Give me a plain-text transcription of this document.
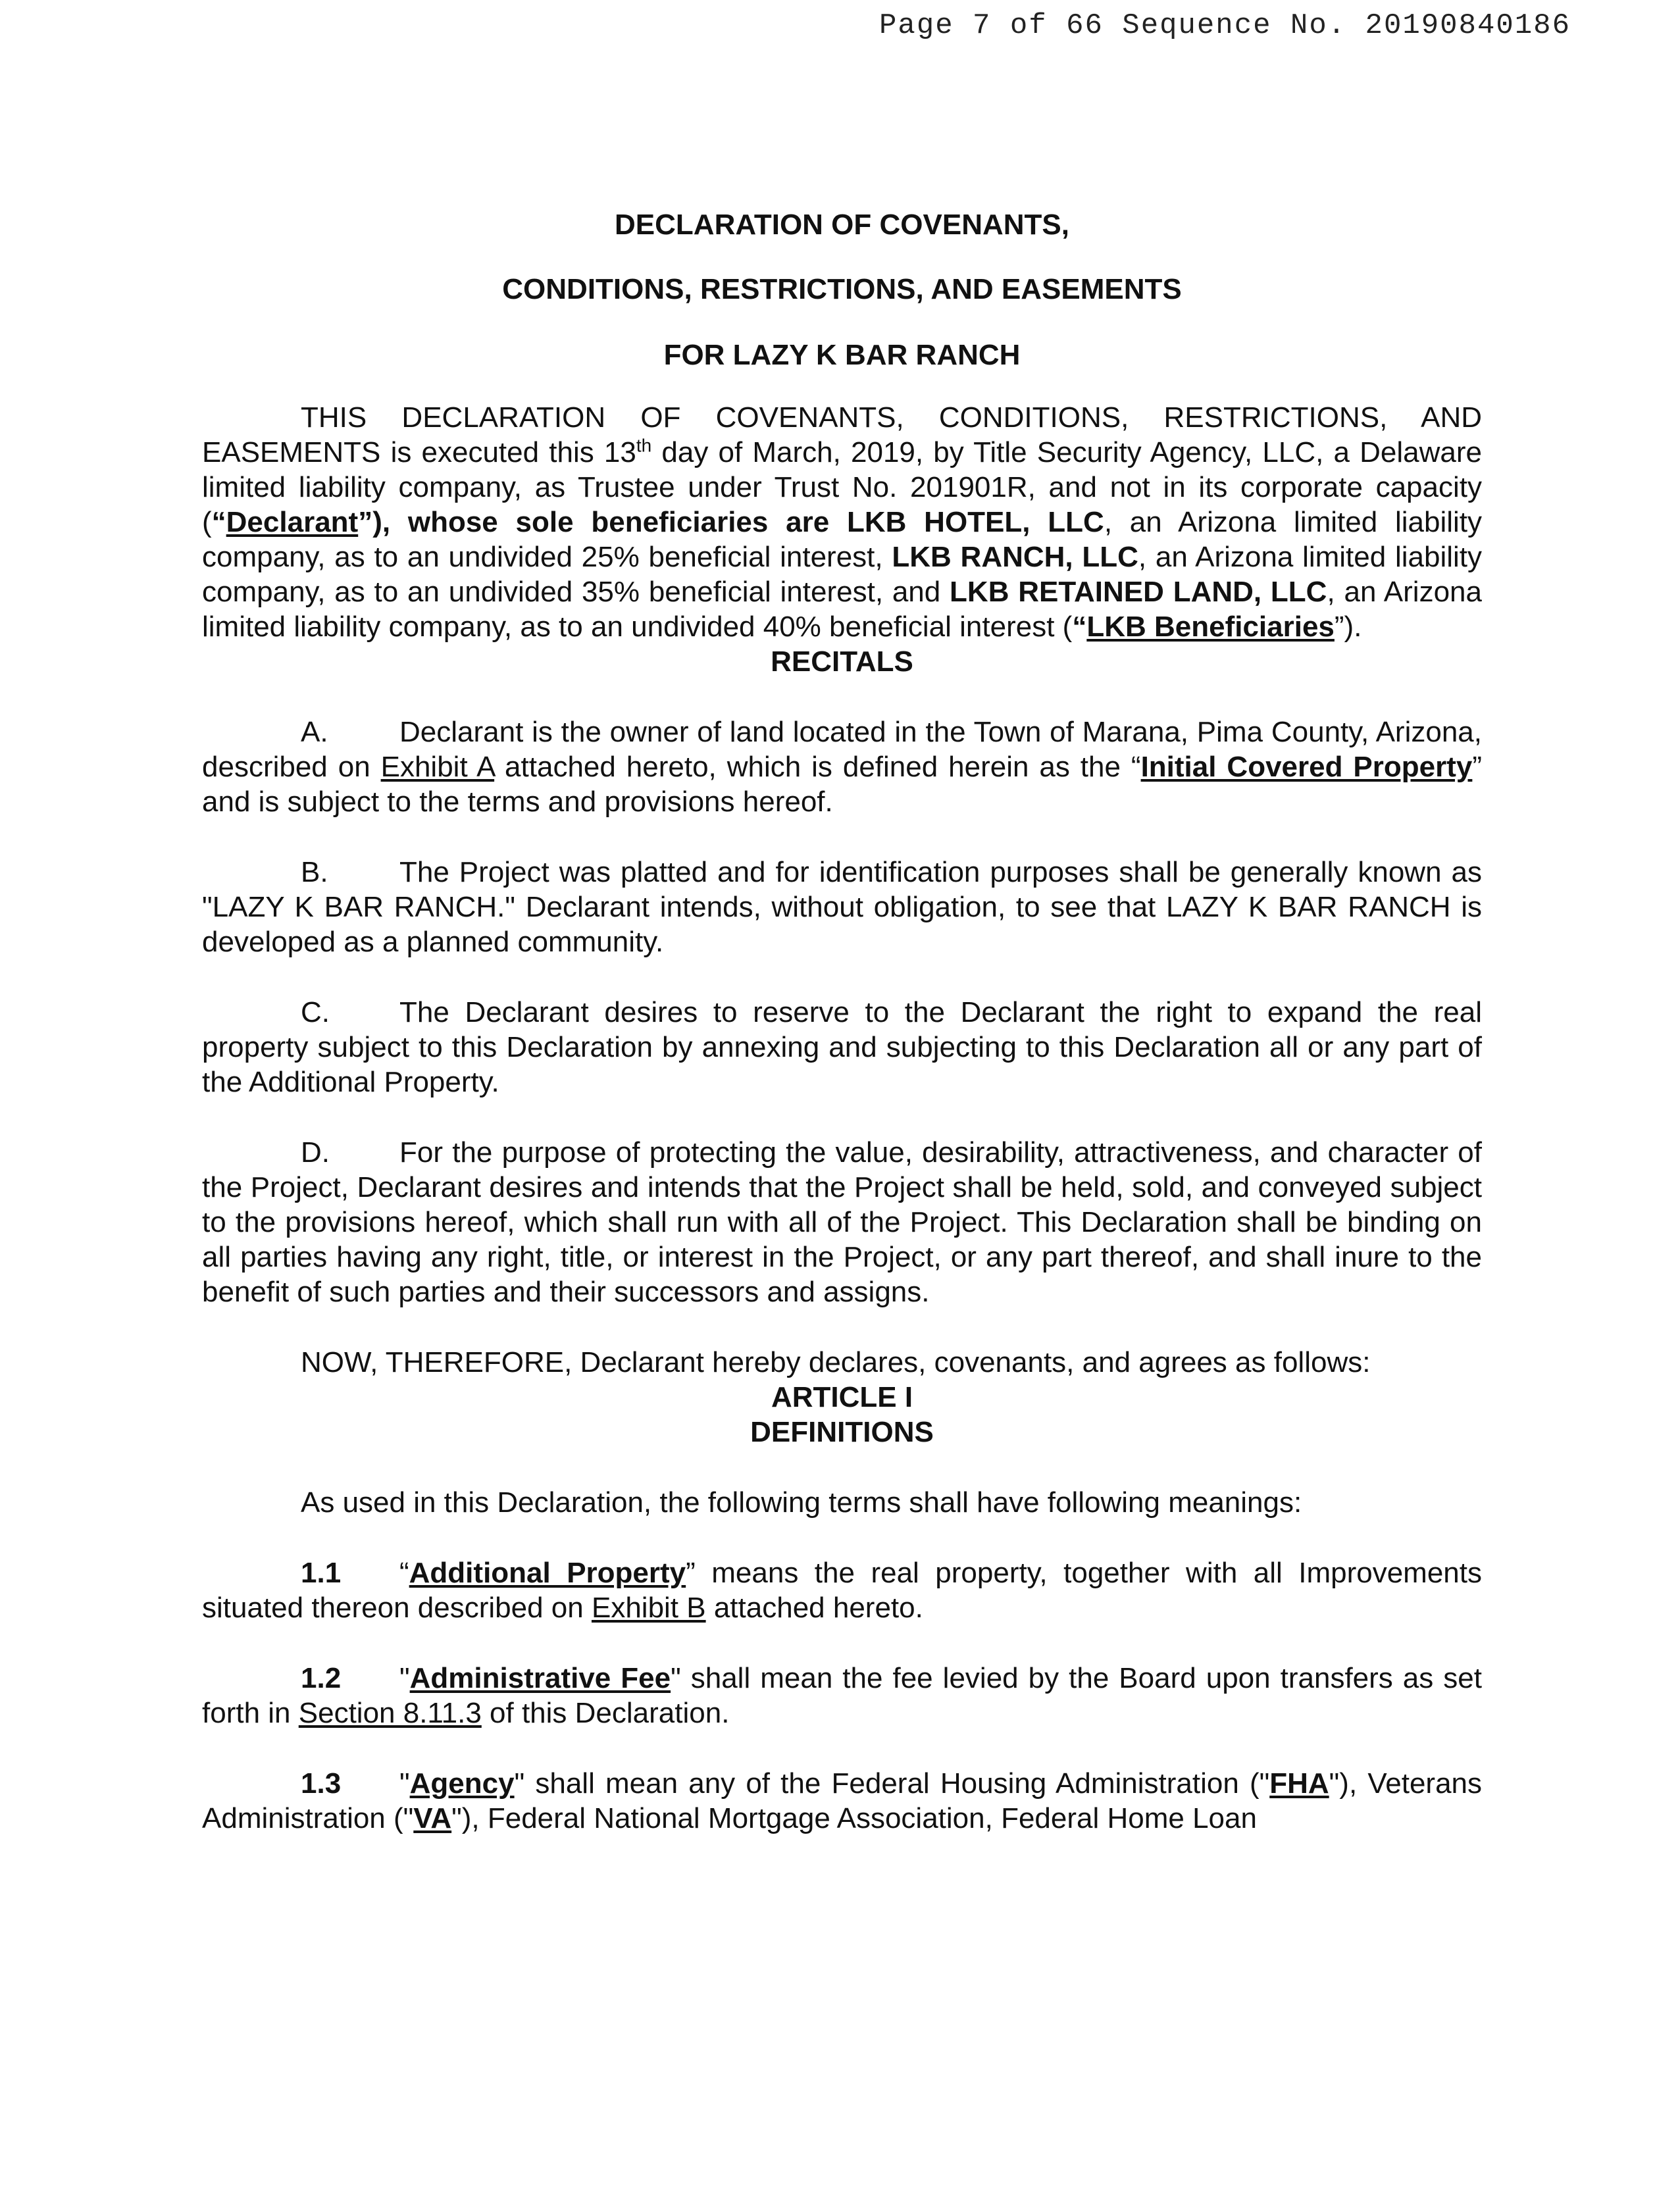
Page 7 of 66 Sequence No. 20190840186
DECLARATION OF COVENANTS,
CONDITIONS, RESTRICTIONS, AND EASEMENTS
FOR LAZY K BAR RANCH

THIS DECLARATION OF COVENANTS, CONDITIONS, RESTRICTIONS, AND EASEMENTS is executed this 13th day of March, 2019, by Title Security Agency, LLC, a Delaware limited liability company, as Trustee under Trust No. 201901R, and not in its corporate capacity (“Declarant”), whose sole beneficiaries are LKB HOTEL, LLC, an Arizona limited liability company, as to an undivided 25% beneficial interest, LKB RANCH, LLC, an Arizona limited liability company, as to an undivided 35% beneficial interest, and LKB RETAINED LAND, LLC, an Arizona limited liability company, as to an undivided 40% beneficial interest (“LKB Beneficiaries”).

RECITALS

A. Declarant is the owner of land located in the Town of Marana, Pima County, Arizona, described on Exhibit A attached hereto, which is defined herein as the “Initial Covered Property” and is subject to the terms and provisions hereof.

B. The Project was platted and for identification purposes shall be generally known as "LAZY K BAR RANCH." Declarant intends, without obligation, to see that LAZY K BAR RANCH is developed as a planned community.

C. The Declarant desires to reserve to the Declarant the right to expand the real property subject to this Declaration by annexing and subjecting to this Declaration all or any part of the Additional Property.

D. For the purpose of protecting the value, desirability, attractiveness, and character of the Project, Declarant desires and intends that the Project shall be held, sold, and conveyed subject to the provisions hereof, which shall run with all of the Project. This Declaration shall be binding on all parties having any right, title, or interest in the Project, or any part thereof, and shall inure to the benefit of such parties and their successors and assigns.

NOW, THEREFORE, Declarant hereby declares, covenants, and agrees as follows:

ARTICLE I
DEFINITIONS

As used in this Declaration, the following terms shall have following meanings:

1.1 “Additional Property” means the real property, together with all Improvements situated thereon described on Exhibit B attached hereto.

1.2 "Administrative Fee" shall mean the fee levied by the Board upon transfers as set forth in Section 8.11.3 of this Declaration.

1.3 "Agency" shall mean any of the Federal Housing Administration ("FHA"), Veterans Administration ("VA"), Federal National Mortgage Association, Federal Home Loan
